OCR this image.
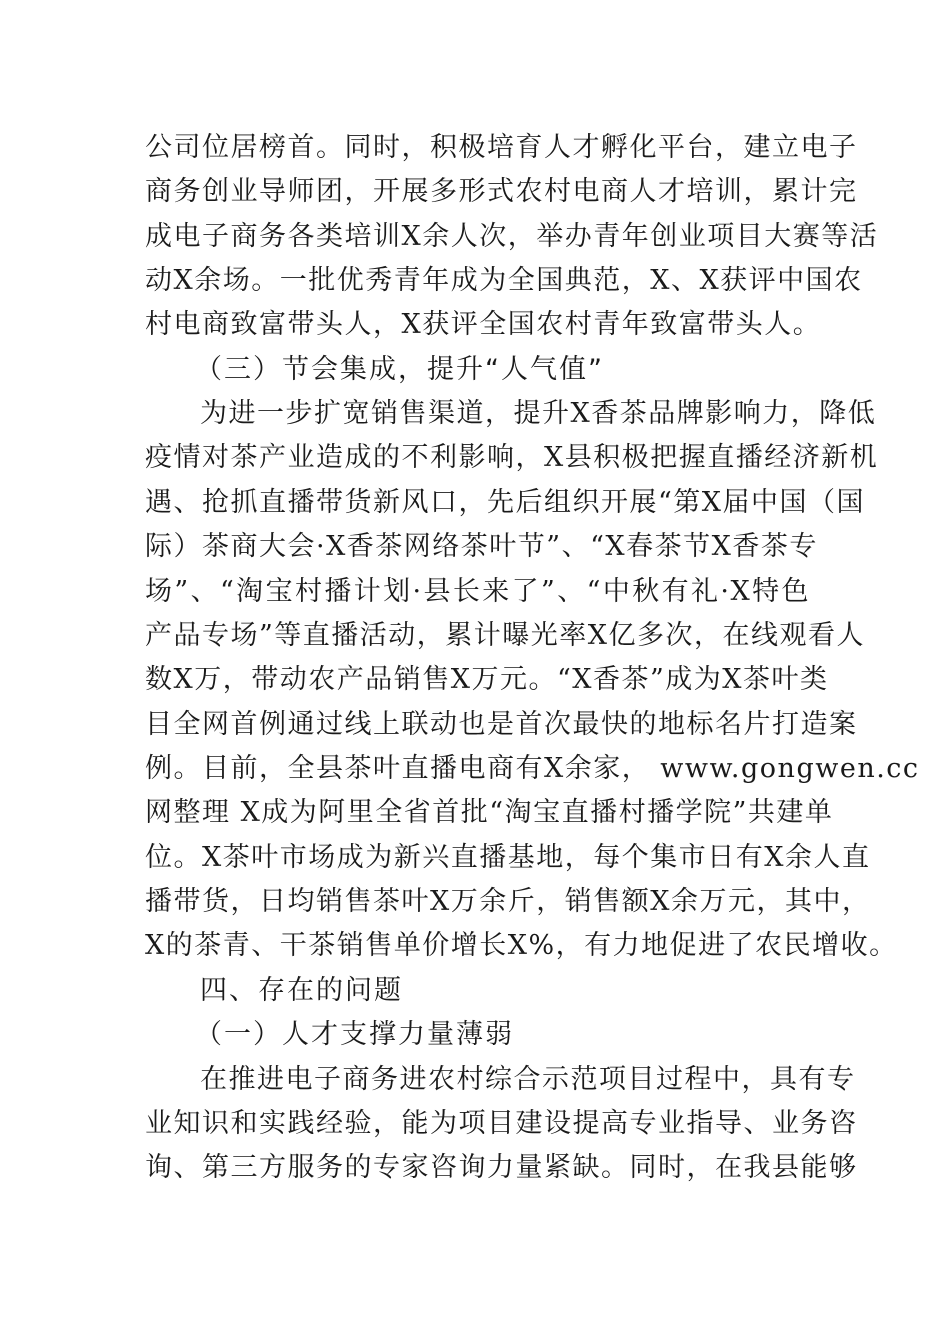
公司位居榜首。同时，积极培育人才孵化平台，建立电子
商务创业导师团，开展多形式农村电商人才培训，累计完
成电子商务各类培训X余人次，举办青年创业项目大赛等活
动X余场。一批优秀青年成为全国典范，X、X获评中国农
村电商致富带头人，X获评全国农村青年致富带头人。
（三）节会集成，提升“人气值”
为进一步扩宽销售渠道，提升X香茶品牌影响力，降低
疫情对茶产业造成的不利影响，X县积极把握直播经济新机
遇、抢抓直播带货新风口，先后组织开展“第X届中国（国
际）茶商大会·X香茶网络茶叶节”、“X春茶节X香茶专
场”、“淘宝村播计划·县长来了”、“中秋有礼·X特色
产品专场”等直播活动，累计曝光率X亿多次，在线观看人
数X万，带动农产品销售X万元。“X香茶”成为X茶叶类
目全网首例通过线上联动也是首次最快的地标名片打造案
例。目前，全县茶叶直播电商有X余家， www.gongwen.cc
网整理 X成为阿里全省首批“淘宝直播村播学院”共建单
位。X茶叶市场成为新兴直播基地，每个集市日有X余人直
播带货，日均销售茶叶X万余斤，销售额X余万元，其中，
X的茶青、干茶销售单价增长X%，有力地促进了农民增收。
四、存在的问题
（一）人才支撑力量薄弱
在推进电子商务进农村综合示范项目过程中，具有专
业知识和实践经验，能为项目建设提高专业指导、业务咨
询、第三方服务的专家咨询力量紧缺。同时，在我县能够
